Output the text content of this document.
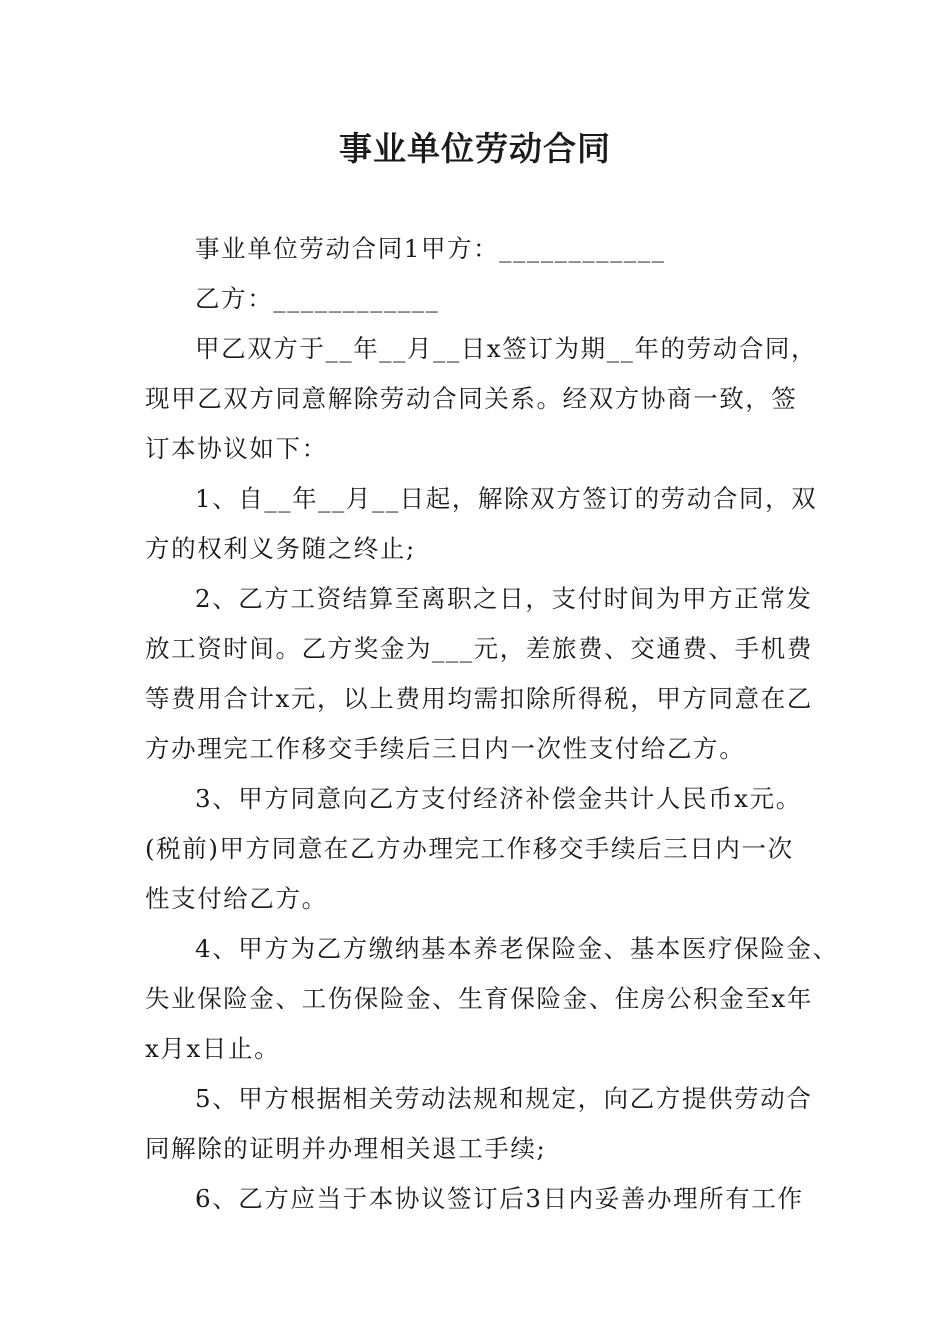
事业单位劳动合同

事业单位劳动合同1甲方：____________

乙方：____________

甲乙双方于__年__月__日x签订为期__年的劳动合同，
现甲乙双方同意解除劳动合同关系。经双方协商一致，签
订本协议如下：

1、自__年__月__日起，解除双方签订的劳动合同，双
方的权利义务随之终止;

2、乙方工资结算至离职之日，支付时间为甲方正常发
放工资时间。乙方奖金为___元，差旅费、交通费、手机费
等费用合计x元，以上费用均需扣除所得税，甲方同意在乙
方办理完工作移交手续后三日内一次性支付给乙方。

3、甲方同意向乙方支付经济补偿金共计人民币x元。
(税前)甲方同意在乙方办理完工作移交手续后三日内一次
性支付给乙方。

4、甲方为乙方缴纳基本养老保险金、基本医疗保险金、
失业保险金、工伤保险金、生育保险金、住房公积金至x年
x月x日止。

5、甲方根据相关劳动法规和规定，向乙方提供劳动合
同解除的证明并办理相关退工手续;

6、乙方应当于本协议签订后3日内妥善办理所有工作
